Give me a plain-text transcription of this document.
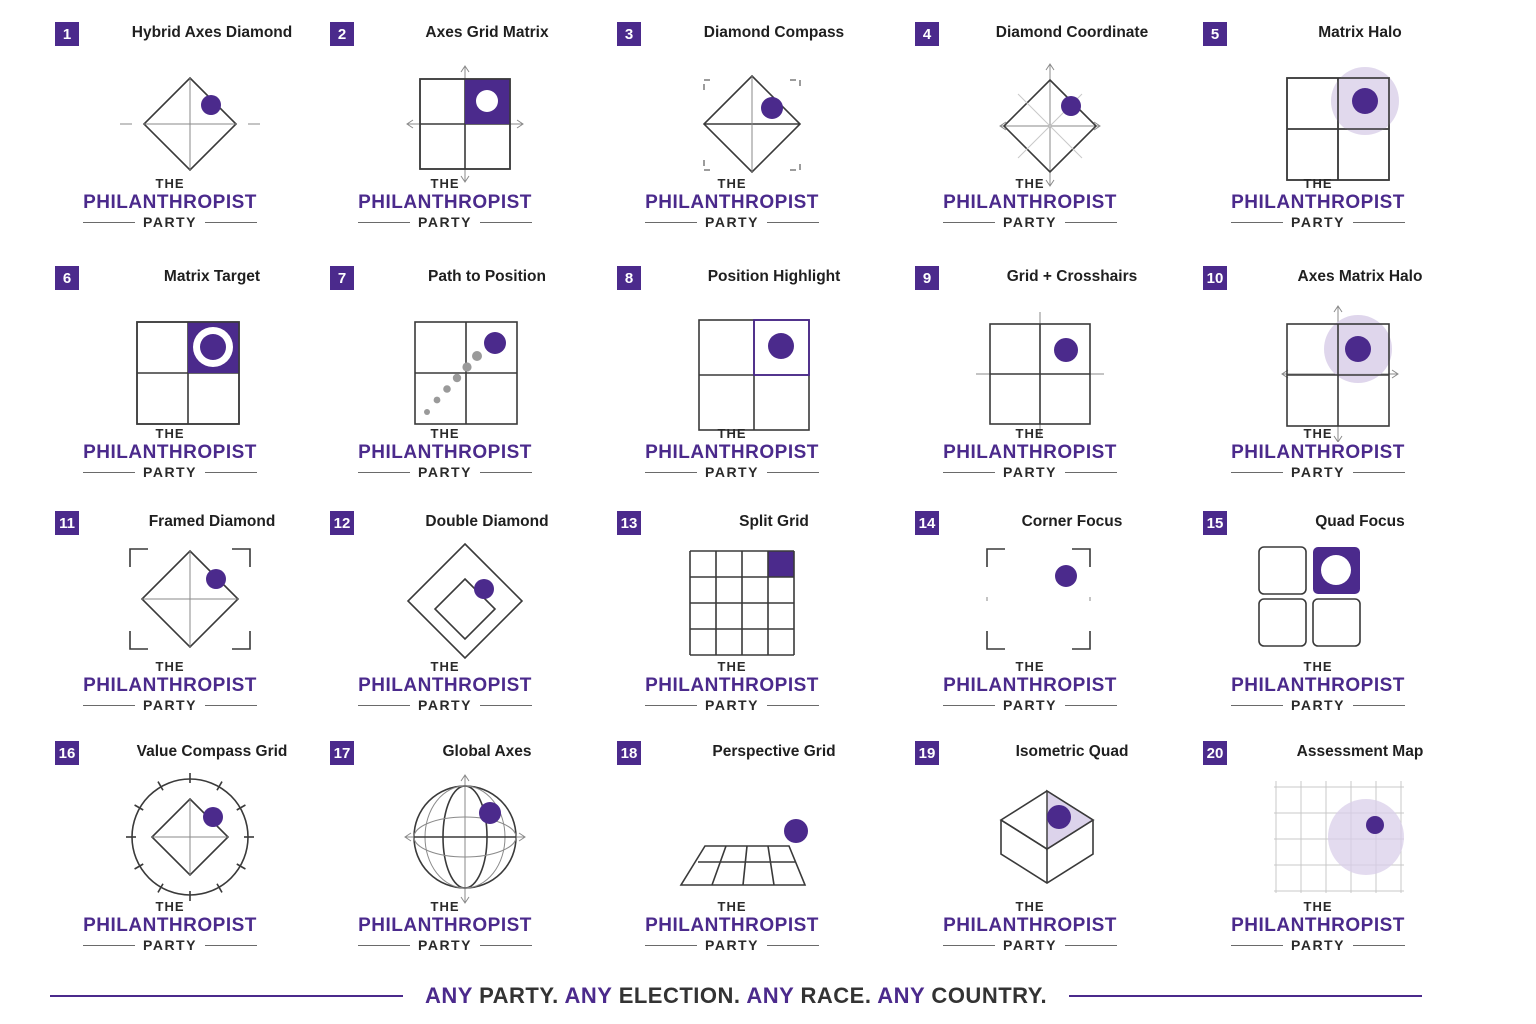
1	Hybrid Axes Diamond
THE
PHILANTHROPIST
PARTY
2	Axes Grid Matrix
THE
PHILANTHROPIST
PARTY
3	Diamond Compass
THE
PHILANTHROPIST
PARTY
4	Diamond Coordinate
THE
PHILANTHROPIST
PARTY
5	Matrix Halo
THE
PHILANTHROPIST
PARTY
6	Matrix Target
THE
PHILANTHROPIST
PARTY
7	Path to Position
THE
PHILANTHROPIST
PARTY
8	Position Highlight
THE
PHILANTHROPIST
PARTY
9	Grid + Crosshairs
THE
PHILANTHROPIST
PARTY
10	Axes Matrix Halo
THE
PHILANTHROPIST
PARTY
11	Framed Diamond
THE
PHILANTHROPIST
PARTY
12	Double Diamond
THE
PHILANTHROPIST
PARTY
13	Split Grid
THE
PHILANTHROPIST
PARTY
14	Corner Focus
THE
PHILANTHROPIST
PARTY
15	Quad Focus
THE
PHILANTHROPIST
PARTY
16	Value Compass Grid
THE
PHILANTHROPIST
PARTY
17	Global Axes
THE
PHILANTHROPIST
PARTY
18	Perspective Grid
THE
PHILANTHROPIST
PARTY
19	Isometric Quad
THE
PHILANTHROPIST
PARTY
20	Assessment Map
THE
PHILANTHROPIST
PARTY
ANY PARTY. ANY ELECTION. ANY RACE. ANY COUNTRY.
